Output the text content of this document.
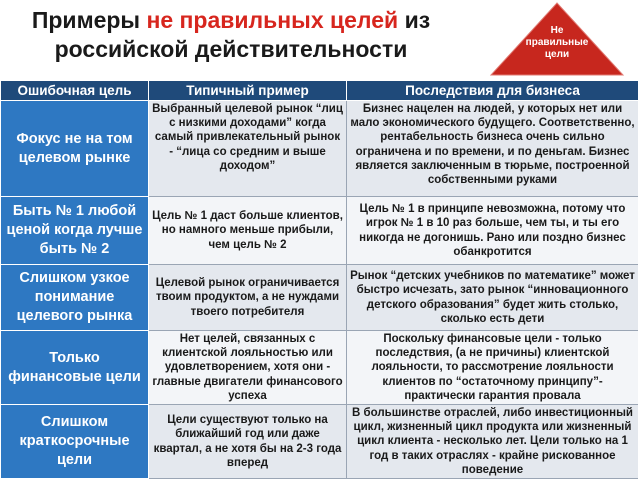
Примеры не правильных целей из российской действительности
Не
правильные
цели
Ошибочная цель	Типичный пример	Последствия для бизнеса
Фокус не на том целевом рынке	Выбранный целевой рынок “лиц с низкими доходами” когда самый привлекательный рынок - “лица со средним и выше доходом”	Бизнес нацелен на людей, у которых нет или мало экономического будущего. Соответственно, рентабельность бизнеса очень сильно ограничена и по времени, и по деньгам. Бизнес является заключенным в тюрьме, построенной собственными руками
Быть № 1 любой ценой когда лучше быть № 2	Цель № 1 даст больше клиентов, но намного меньше прибыли, чем цель № 2	Цель № 1 в принципе невозможна, потому что игрок № 1 в 10 раз больше, чем ты, и ты его никогда не догонишь. Рано или поздно бизнес обанкротится
Слишком узкое понимание целевого рынка	Целевой рынок ограничивается твоим продуктом, а не нуждами твоего потребителя	Рынок “детских учебников по математике” может быстро исчезать, зато рынок “инновационного детского образования” будет жить столько, сколько есть дети
Только финансовые цели	Нет целей, связанных с клиентской лояльностью или удовлетворением, хотя они - главные двигатели финансового успеха	Поскольку финансовые цели - только последствия, (а не причины) клиентской лояльности, то рассмотрение лояльности клиентов по “остаточному принципу”- практически гарантия провала
Слишком краткосрочные цели	Цели существуют только на ближайший год или даже квартал, а не хотя бы на 2-3 года вперед	В большинстве отраслей, либо инвестиционный цикл, жизненный цикл продукта или жизненный цикл клиента - несколько лет. Цели только на 1 год в таких отраслях - крайне рискованное поведение
